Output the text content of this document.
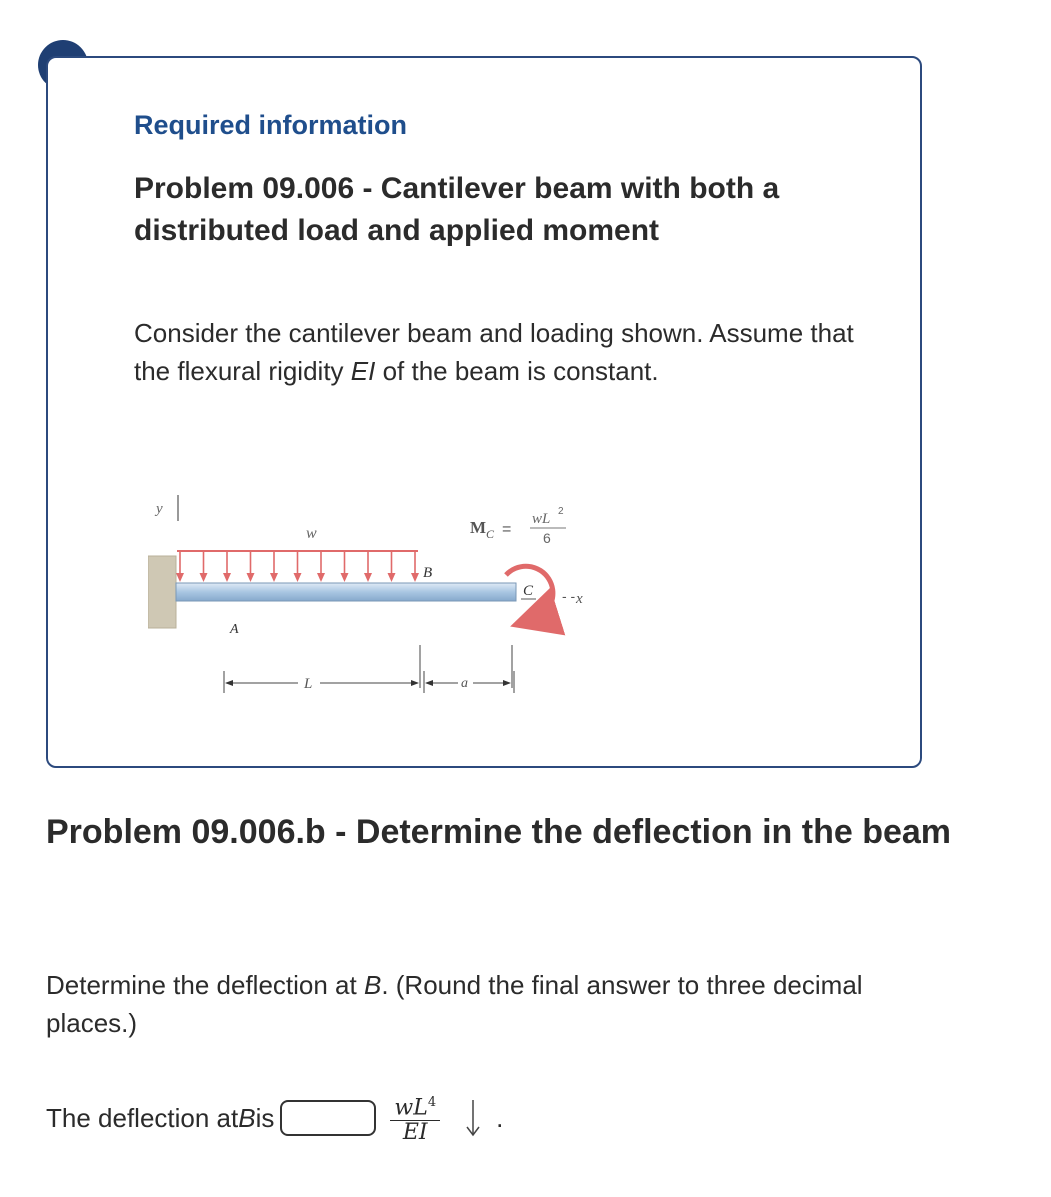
Required information
Problem 09.006 - Cantilever beam with both a distributed load and applied moment
Consider the cantilever beam and loading shown. Assume that the flexural rigidity EI of the beam is constant.
y
w
A
B
C - - x
M C =
wL 2
6
L	a
Problem 09.006.b - Determine the deflection in the beam
Determine the deflection at B. (Round the final answer to three decimal places.)
The deflection at B is	$\frac{wL^4}{EI}$ .
